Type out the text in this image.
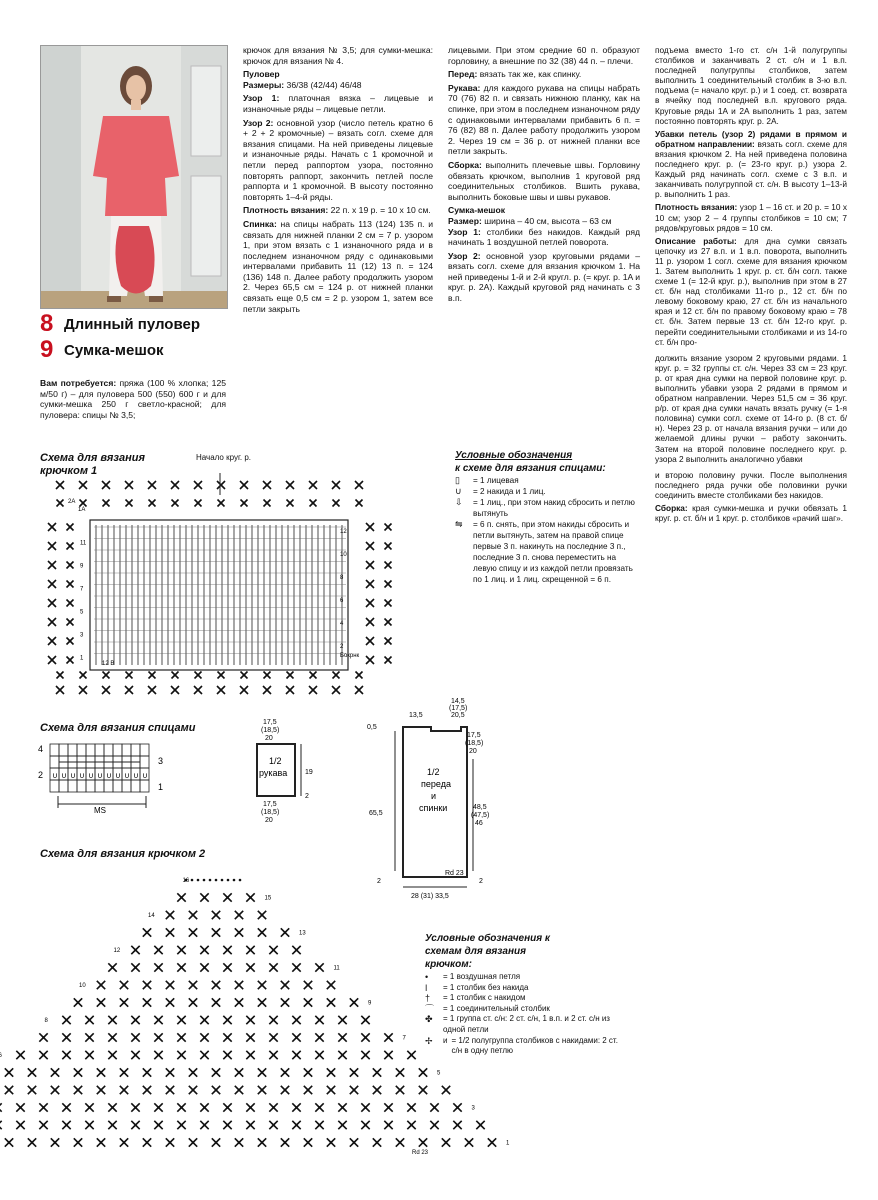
8 Длинный пуловер
9 Сумка-мешок

Вам потребуется: пряжа (100 % хлопка; 125 м/50 г) – для пуловера 500 (550) 600 г и для сумки-мешка 250 г светло-красной; для пуловера: спицы № 3,5;

крючок для вязания № 3,5; для сумки-мешка: крючок для вязания № 4.

Пуловер

Размеры: 36/38 (42/44) 46/48

Узор 1: платочная вязка – лицевые и изнаночные ряды – лицевые петли.

Узор 2: основной узор (число петель кратно 6 + 2 + 2 кромочные) – вязать согл. схеме для вязания спицами. На ней приведены лицевые и изнаночные ряды. Начать с 1 кромочной и петли перед раппортом узора, постоянно повторять раппорт, закончить петлей после раппорта и 1 кромочной. В высоту постоянно повторять 1–4-й ряды.

Плотность вязания: 22 п. х 19 р. = 10 х 10 см.

Спинка: на спицы набрать 113 (124) 135 п. и связать для нижней планки 2 см = 7 р. узором 1, при этом вязать с 1 изнаночного ряда и в последнем изнаночном ряду с одинаковыми интервалами прибавить 11 (12) 13 п. = 124 (136) 148 п. Далее работу продолжить узором 2. Через 65,5 см = 124 р. от нижней планки связать еще 0,5 см = 2 р. узором 1, затем все петли закрыть

лицевыми. При этом средние 60 п. образуют горловину, а внешние по 32 (38) 44 п. – плечи.

Перед: вязать так же, как спинку.

Рукава: для каждого рукава на спицы набрать 70 (76) 82 п. и связать нижнюю планку, как на спинке, при этом в последнем изнаночном ряду с одинаковыми интервалами прибавить 6 п. = 76 (82) 88 п. Далее работу продолжить узором 2. Через 19 см = 36 р. от нижней планки все петли закрыть.

Сборка: выполнить плечевые швы. Горловину обвязать крючком, выполнив 1 круговой ряд соединительных столбиков. Вшить рукава, выполнить боковые швы и швы рукавов.

Сумка-мешок

Размер: ширина – 40 см, высота – 63 см

Узор 1: столбики без накидов. Каждый ряд начинать 1 воздушной петлей поворота.

Узор 2: основной узор круговыми рядами – вязать согл. схеме для вязания крючком 1. На ней приведены 1-й и 2-й кругл. р. (= круг. р. 1A и круг. р. 2A). Каждый круговой ряд начинать с 3 в.п.

подъема вместо 1-го ст. с/н 1-й полугруппы столбиков и заканчивать 2 ст. с/н и 1 в.п. последней полугруппы столбиков, затем выполнить 1 соединительный столбик в 3-ю в.п. подъема (= начало круг. р.) и 1 соед. ст. возврата в ячейку под последней в.п. кругового ряда. Круговые ряды 1A и 2A выполнить 1 раз, затем постоянно повторять круг. р. 2A.

Убавки петель (узор 2) рядами в прямом и обратном направлении: вязать согл. схеме для вязания крючком 2. На ней приведена половина последнего круг. р. (= 23-го круг. р.) узора 2. Каждый ряд начинать согл. схеме с 3 в.п. и заканчивать полугруппой ст. с/н. В высоту 1–13-й р. выполнить 1 раз.

Плотность вязания: узор 1 – 16 ст. и 20 р. = 10 х 10 см; узор 2 – 4 группы столбиков = 10 см; 7 рядов/круговых рядов = 10 см.

Описание работы: для дна сумки связать цепочку из 27 в.п. и 1 в.п. поворота, выполнить 11 р. узором 1 согл. схеме для вязания крючком 1. Затем выполнить 1 круг. р. ст. б/н согл. также схеме 1 (= 12-й круг. р.), выполнив при этом в 27 ст. б/н над столбиками 11-го р., 12 ст. б/н по левому боковому краю, 27 ст. б/н из начального края и 12 ст. б/н по правому боковому краю = 78 ст. б/н. Затем первые 13 ст. б/н 12-го круг. р. перейти соединительными столбиками и из 14-го ст. б/н про-

должить вязание узором 2 круговыми рядами. 1 круг. р. = 32 группы ст. с/н. Через 33 см = 23 круг. р. от края дна сумки на первой половине круг. р. выполнить убавки узора 2 рядами в прямом и обратном направлении. Через 51,5 см = 36 круг. р/р. от края дна сумки начать вязать ручку (= 1-я половина) сумки согл. схеме от 14-го р. (8 ст. б/н). Через 23 р. от начала вязания ручки – или до желаемой длины ручки – работу закончить. Затем на второй половине последнего круг. р. узора 2 выполнить аналогично убавки

и второю половину ручки. После выполнения последнего ряда ручки обе половинки ручки соединить вместе столбиками без накидов.

Сборка: края сумки-мешка и ручки обвязать 1 круг. р. ст. б/н и 1 круг. р. столбиков «рачий шаг».

Схема для вязания
крючком 1
Начало круг. р.
12
11
10
9
8
7
6
5
4
3
2
1	Бокрнк
12 B
2A
1A
Условные обозначения
к схеме для вязания спицами:
▯	= 1 лицевая
∪	= 2 накида и 1 лиц.
⇩	= 1 лиц., при этом накид сбросить и петлю вытянуть
⇋	= 6 п. снять, при этом накиды сбросить и петли вытянуть, затем на правой спице первые 3 п. накинуть на последние 3 п., последние 3 п. снова переместить на левую спицу и из каждой петли провязать по 1 лиц. и 1 лиц. скрещенной = 6 п.
Схема для вязания спицами
∪ ∪ ∪ ∪ ∪ ∪ ∪ ∪ ∪ ∪ ∪
4
3
2
1
MS
17,5
(18,5)
20
1/2
рукава	19
2
17,5
(18,5)
20
14,5
(17,5)
20,5
13,5
0,5
17,5
(18,5)
20
1/2
переда
и
спинки
65,5
48,5
(47,5)
46
Rd 23
2	2
28 (31) 33,5
Схема для вязания крючком 2
16
15
14
13
12
11
10
9
8
7
6
5
3
1
Rd 23
Условные обозначения к
схемам для вязания
крючком:
•	= 1 воздушная петля
ǀ	= 1 столбик без накида
†	= 1 столбик с накидом
⌒	= 1 соединительный столбик
✤	= 1 группа ст. с/н: 2 ст. с/н, 1 в.п. и 2 ст. с/н из одной петли
✢	и = 1/2 полугруппа столбиков с накидами: 2 ст. с/н в одну петлю
